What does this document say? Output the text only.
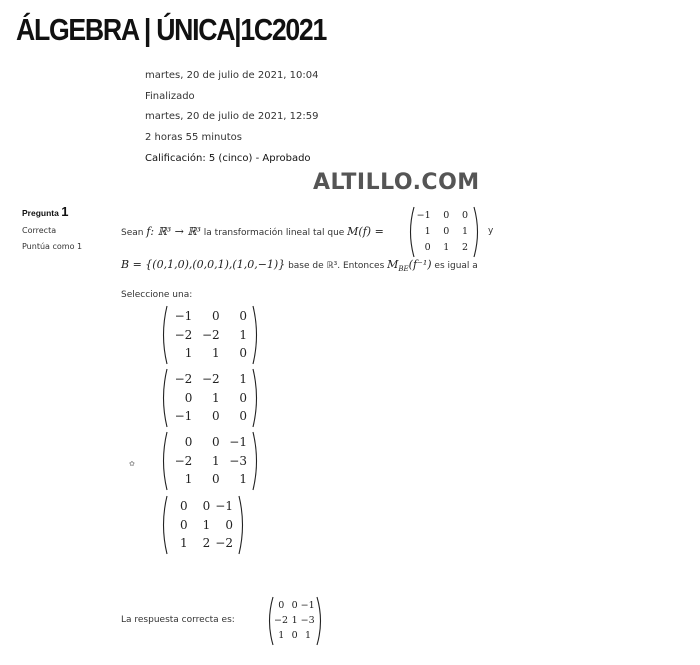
ÁLGEBRA | ÚNICA|1C2021
martes, 20 de julio de 2021, 10:04
Finalizado
martes, 20 de julio de 2021, 12:59
2 horas 55 minutos
Calificación: 5 (cinco) - Aprobado
ALTILLO.COM
Pregunta 1
Correcta
Puntúa como 1
Sean f: ℝ³ → ℝ³ la transformación lineal tal que M(f) =	y
B = {(0,1,0),(0,0,1),(1,0,−1)} base de ℝ³. Entonces $M_{BE}(f^{-1})$ es igual a
Seleccione una:
−1	0	0
1	0	1
0	1	2
−1	0	0
−2 −2	1
1	1	0
−2 −2	1
0	1	0
−1	0	0
✿
0	0 −1
−2	1 −3
1	0	1
0	0 −1
0	1	0
1	2 −2
La respuesta correcta es:
0 0 −1
−2 1 −3
1 0 1
